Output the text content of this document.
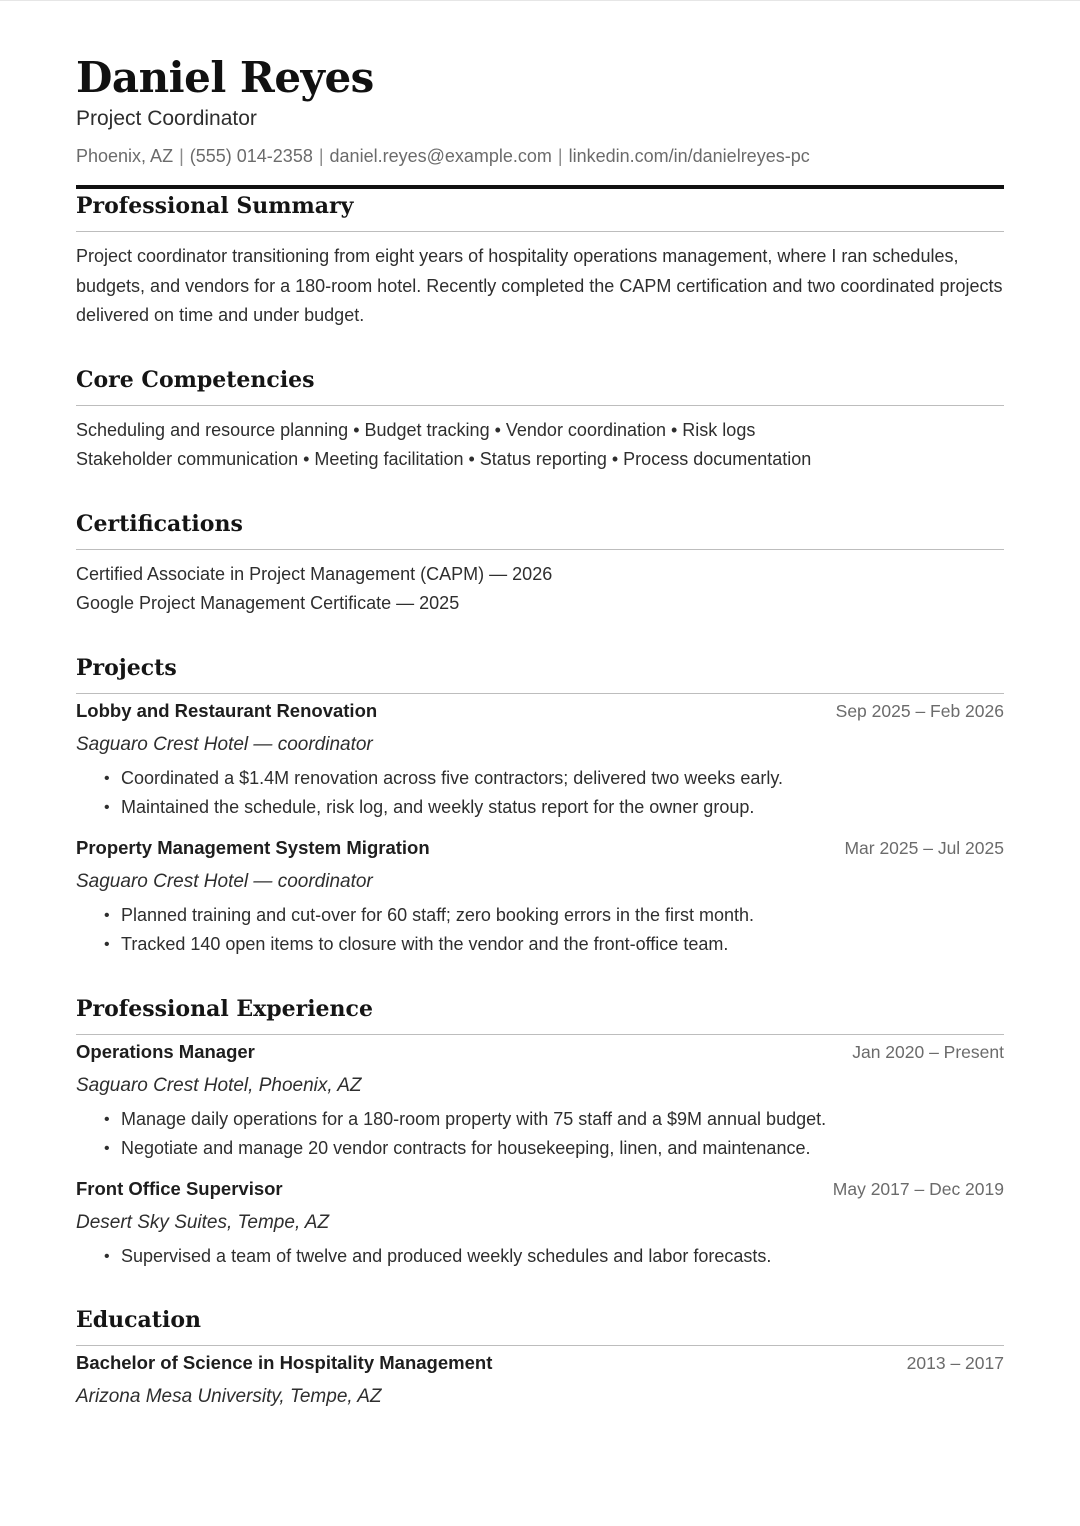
Daniel Reyes
Project Coordinator
Phoenix, AZ | (555) 014-2358 | daniel.reyes@example.com | linkedin.com/in/danielreyes-pc
Professional Summary
Project coordinator transitioning from eight years of hospitality operations management, where I ran schedules, budgets, and vendors for a 180-room hotel. Recently completed the CAPM certification and two coordinated projects delivered on time and under budget.
Core Competencies
Scheduling and resource planning • Budget tracking • Vendor coordination • Risk logs
Stakeholder communication • Meeting facilitation • Status reporting • Process documentation
Certifications
Certified Associate in Project Management (CAPM) — 2026
Google Project Management Certificate — 2025
Projects
Lobby and Restaurant Renovation	Sep 2025 – Feb 2026
Saguaro Crest Hotel — coordinator
• Coordinated a $1.4M renovation across five contractors; delivered two weeks early.
• Maintained the schedule, risk log, and weekly status report for the owner group.
Property Management System Migration	Mar 2025 – Jul 2025
Saguaro Crest Hotel — coordinator
• Planned training and cut-over for 60 staff; zero booking errors in the first month.
• Tracked 140 open items to closure with the vendor and the front-office team.
Professional Experience
Operations Manager	Jan 2020 – Present
Saguaro Crest Hotel, Phoenix, AZ
• Manage daily operations for a 180-room property with 75 staff and a $9M annual budget.
• Negotiate and manage 20 vendor contracts for housekeeping, linen, and maintenance.
Front Office Supervisor	May 2017 – Dec 2019
Desert Sky Suites, Tempe, AZ
• Supervised a team of twelve and produced weekly schedules and labor forecasts.
Education
Bachelor of Science in Hospitality Management	2013 – 2017
Arizona Mesa University, Tempe, AZ
